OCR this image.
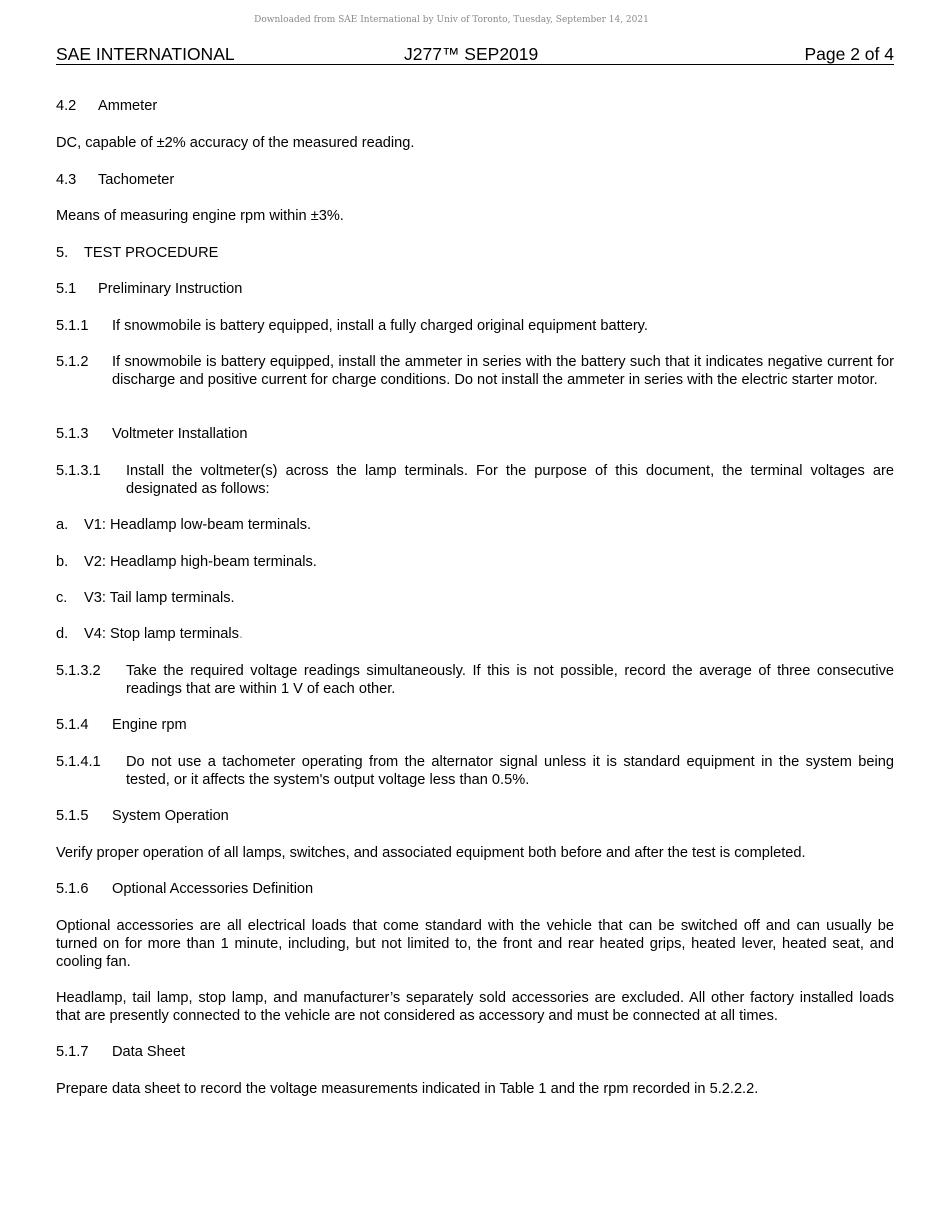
Downloaded from SAE International by Univ of Toronto, Tuesday, September 14, 2021
SAE INTERNATIONAL	J277™ SEP2019	Page 2 of 4
4.2 Ammeter
DC, capable of ±2% accuracy of the measured reading.
4.3 Tachometer
Means of measuring engine rpm within ±3%.
5. TEST PROCEDURE
5.1 Preliminary Instruction
5.1.1 If snowmobile is battery equipped, install a fully charged original equipment battery.
5.1.2 If snowmobile is battery equipped, install the ammeter in series with the battery such that it indicates negative current for discharge and positive current for charge conditions. Do not install the ammeter in series with the electric starter motor.
5.1.3 Voltmeter Installation
5.1.3.1 Install the voltmeter(s) across the lamp terminals. For the purpose of this document, the terminal voltages are designated as follows:
a. V1: Headlamp low-beam terminals.
b. V2: Headlamp high-beam terminals.
c. V3: Tail lamp terminals.
d. V4: Stop lamp terminals.
5.1.3.2 Take the required voltage readings simultaneously. If this is not possible, record the average of three consecutive readings that are within 1 V of each other.
5.1.4 Engine rpm
5.1.4.1 Do not use a tachometer operating from the alternator signal unless it is standard equipment in the system being tested, or it affects the system's output voltage less than 0.5%.
5.1.5 System Operation
Verify proper operation of all lamps, switches, and associated equipment both before and after the test is completed.
5.1.6 Optional Accessories Definition
Optional accessories are all electrical loads that come standard with the vehicle that can be switched off and can usually be turned on for more than 1 minute, including, but not limited to, the front and rear heated grips, heated lever, heated seat, and cooling fan.
Headlamp, tail lamp, stop lamp, and manufacturer’s separately sold accessories are excluded. All other factory installed loads that are presently connected to the vehicle are not considered as accessory and must be connected at all times.
5.1.7 Data Sheet
Prepare data sheet to record the voltage measurements indicated in Table 1 and the rpm recorded in 5.2.2.2.
